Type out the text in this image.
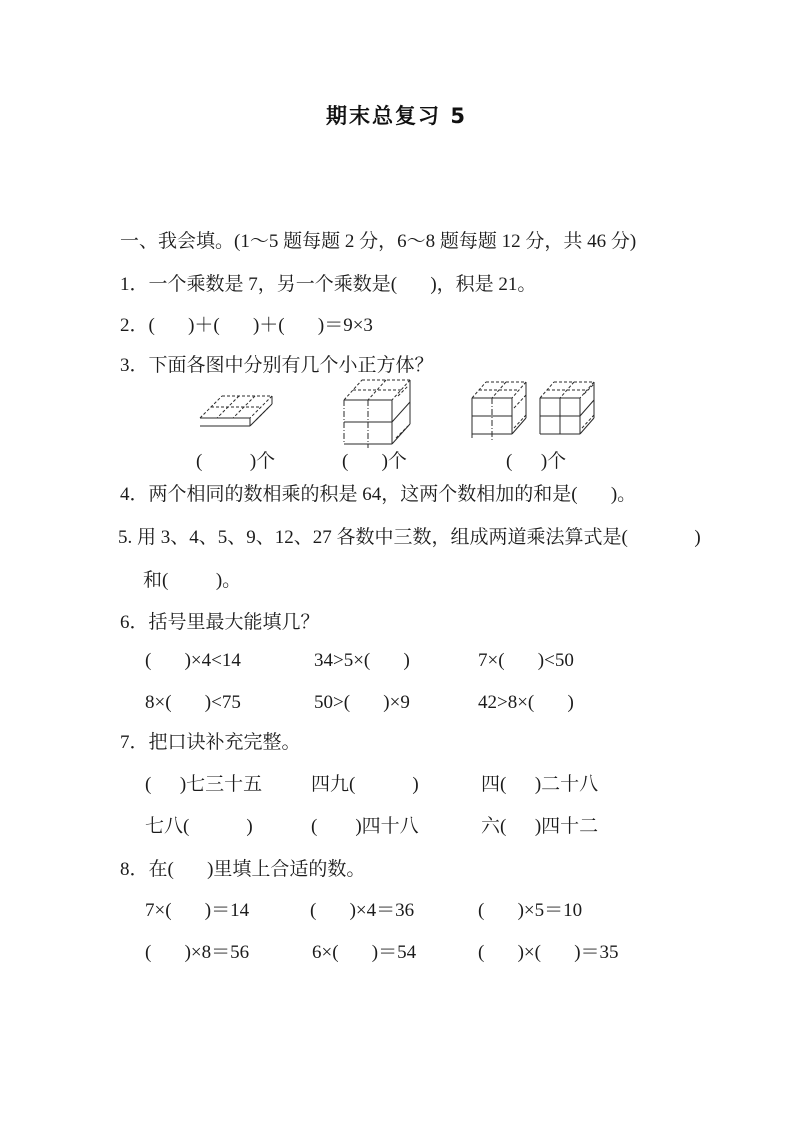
期末总复习 5
一、我会填。(1～5 题每题 2 分，6～8 题每题 12 分，共 46 分)
1．一个乘数是 7，另一个乘数是(       )，积是 21。
2．(       )＋(       )＋(       )＝9×3
3．下面各图中分别有几个小正方体？
(          )个	(       )个	(      )个
4．两个相同的数相乘的积是 64，这两个数相加的和是(       )。
5. 用 3、4、5、9、12、27 各数中三数，组成两道乘法算式是(              )
和(          )。
6．括号里最大能填几？
(       )×4<14	34>5×(       )	7×(       )<50
8×(       )<75	50>(       )×9	42>8×(       )
7．把口诀补充完整。
(      )七三十五	四九(            )	四(      )二十八
七八(            )	(        )四十八	六(      )四十二
8．在(       )里填上合适的数。
7×(       )＝14	(       )×4＝36	(       )×5＝10
(       )×8＝56	6×(       )＝54	(       )×(       )＝35
